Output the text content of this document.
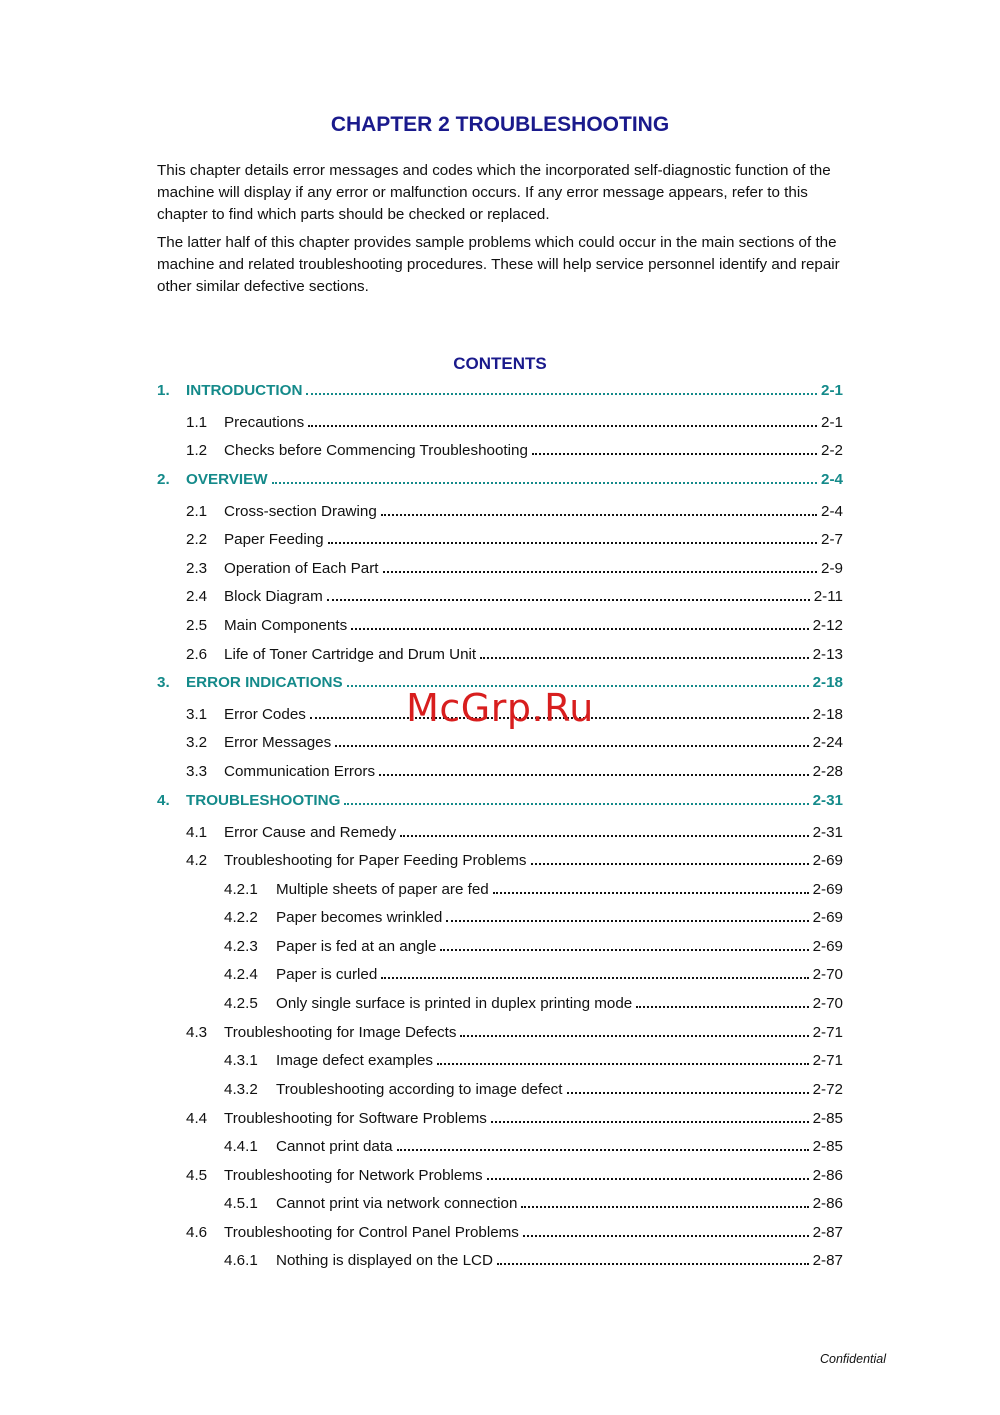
CHAPTER 2 TROUBLESHOOTING

This chapter details error messages and codes which the incorporated self-diagnostic function of the machine will display if any error or malfunction occurs. If any error message appears, refer to this chapter to find which parts should be checked or replaced.

The latter half of this chapter provides sample problems which could occur in the main sections of the machine and related troubleshooting procedures. These will help service personnel identify and repair other similar defective sections.

CONTENTS
1.	INTRODUCTION	2-1
1.1	Precautions	2-1
1.2	Checks before Commencing Troubleshooting	2-2
2.	OVERVIEW	2-4
2.1	Cross-section Drawing	2-4
2.2	Paper Feeding	2-7
2.3	Operation of Each Part	2-9
2.4	Block Diagram	2-11
2.5	Main Components	2-12
2.6	Life of Toner Cartridge and Drum Unit	2-13
3.	ERROR INDICATIONS	2-18
3.1	Error Codes	2-18
3.2	Error Messages	2-24
3.3	Communication Errors	2-28
4.	TROUBLESHOOTING	2-31
4.1	Error Cause and Remedy	2-31
4.2	Troubleshooting for Paper Feeding Problems	2-69
4.2.1	Multiple sheets of paper are fed	2-69
4.2.2	Paper becomes wrinkled	2-69
4.2.3	Paper is fed at an angle	2-69
4.2.4	Paper is curled	2-70
4.2.5	Only single surface is printed in duplex printing mode	2-70
4.3	Troubleshooting for Image Defects	2-71
4.3.1	Image defect examples	2-71
4.3.2	Troubleshooting according to image defect	2-72
4.4	Troubleshooting for Software Problems	2-85
4.4.1	Cannot print data	2-85
4.5	Troubleshooting for Network Problems	2-86
4.5.1	Cannot print via network connection	2-86
4.6	Troubleshooting for Control Panel Problems	2-87
4.6.1	Nothing is displayed on the LCD	2-87
McGrp.Ru
Confidential
